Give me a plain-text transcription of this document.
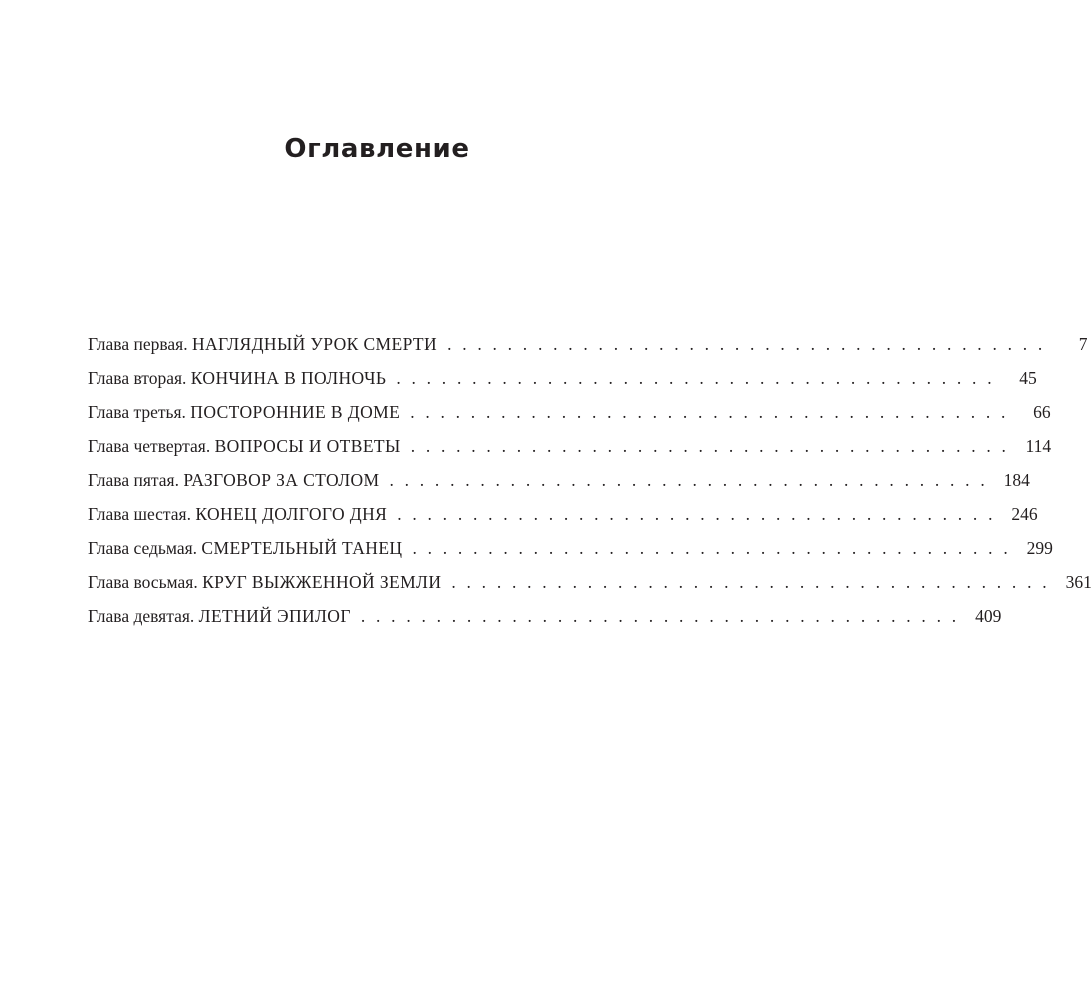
Оглавление
Глава первая. НАГЛЯДНЫЙ УРОК СМЕРТИ . . . . . . . . . . . . . . . . . . . . . . . . . . . . . . . . . . . . . . . .	7
Глава вторая. КОНЧИНА В ПОЛНОЧЬ . . . . . . . . . . . . . . . . . . . . . . . . . . . . . . . . . . . . . . . .	45
Глава третья. ПОСТОРОННИЕ В ДОМЕ . . . . . . . . . . . . . . . . . . . . . . . . . . . . . . . . . . . . . . . .	66
Глава четвертая. ВОПРОСЫ И ОТВЕТЫ . . . . . . . . . . . . . . . . . . . . . . . . . . . . . . . . . . . . . . . . 114
Глава пятая. РАЗГОВОР ЗА СТОЛОМ . . . . . . . . . . . . . . . . . . . . . . . . . . . . . . . . . . . . . . . . 184
Глава шестая. КОНЕЦ ДОЛГОГО ДНЯ . . . . . . . . . . . . . . . . . . . . . . . . . . . . . . . . . . . . . . . . 246
Глава седьмая. СМЕРТЕЛЬНЫЙ ТАНЕЦ . . . . . . . . . . . . . . . . . . . . . . . . . . . . . . . . . . . . . . . . 299
Глава восьмая. КРУГ ВЫЖЖЕННОЙ ЗЕМЛИ . . . . . . . . . . . . . . . . . . . . . . . . . . . . . . . . . . . . . . . . 361
Глава девятая. ЛЕТНИЙ ЭПИЛОГ . . . . . . . . . . . . . . . . . . . . . . . . . . . . . . . . . . . . . . . . 409
